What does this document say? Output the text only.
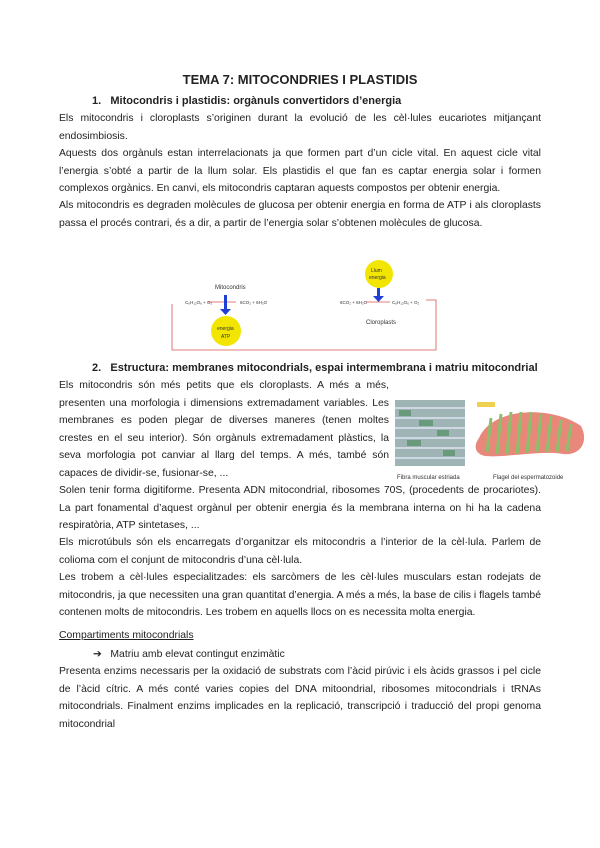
TEMA 7: MITOCONDRIES I PLASTIDIS
1. Mitocondris i plastidis: orgànuls convertidors d’energia

Els mitocondris i cloroplasts s’originen durant la evolució de les cèl·lules eucariotes mitjançant endosimbiosis.

Aquests dos orgànuls estan interrelacionats ja que formen part d’un cicle vital. En aquest cicle vital l’energia s’obté a partir de la llum solar. Els plastidis el que fan es captar energia solar i formen complexos orgànics. En canvi, els mitocondris captaran aquests compostos per obtenir energia.

Als mitocondris es degraden molècules de glucosa per obtenir energia en forma de ATP i als cloroplasts passa el procés contrari, és a dir, a partir de l’energia solar s’obtenen molècules de glucosa.

Mitocondris
C₆H₁₂O₆ + O₂	6CO₂ + 6H₂O
energia
ATP
Llum
energia
6CO₂ + 6H₂O	C₆H₁₂O₆ + O₂
Cloroplasts
2. Estructura: membranes mitocondrials, espai intermembrana i matriu mitocondrial

Els mitocondris són més petits que els cloroplasts. A més a més, presenten una morfologia i dimensions extremadament variables. Les membranes es poden plegar de diverses maneres (tenen moltes crestes en el seu interior). Són orgànuls extremadament plàstics, la seva morfologia pot canviar al llarg del temps. A més, també són capaces de dividir-se, fusionar-se, ...	Fibra muscular estriada	Flagel del espermatozoide

Solen tenir forma digitiforme. Presenta ADN mitocondrial, ribosomes 70S, (procedents de procariotes). La part fonamental d’aquest orgànul per obtenir energia és la membrana interna on hi ha la cadena respiratòria, ATP sintetases, ...

Els microtúbuls són els encarregats d’organitzar els mitocondris a l’interior de la cèl·lula. Parlem de colioma com el conjunt de mitocondris d’una cèl·lula.

Les trobem a cèl·lules especialitzades: els sarcòmers de les cèl·lules musculars estan rodejats de mitocondris, ja que necessiten una gran quantitat d’energia. A més a més, la base de cilis i flagels també contenen molts de mitocondris. Les trobem en aquells llocs on es necessita molta energia.

Compartiments mitocondrials
➔ Matriu amb elevat contingut enzimàtic

Presenta enzims necessaris per la oxidació de substrats com l’àcid pirúvic i els àcids grassos i pel cicle de l’àcid cítric. A més conté varies copies del DNA mitoondrial, ribosomes mitocondrials i tRNAs mitocondrials. Finalment enzims implicades en la replicació, transcripció i traducció del propi genoma mitocondrial
